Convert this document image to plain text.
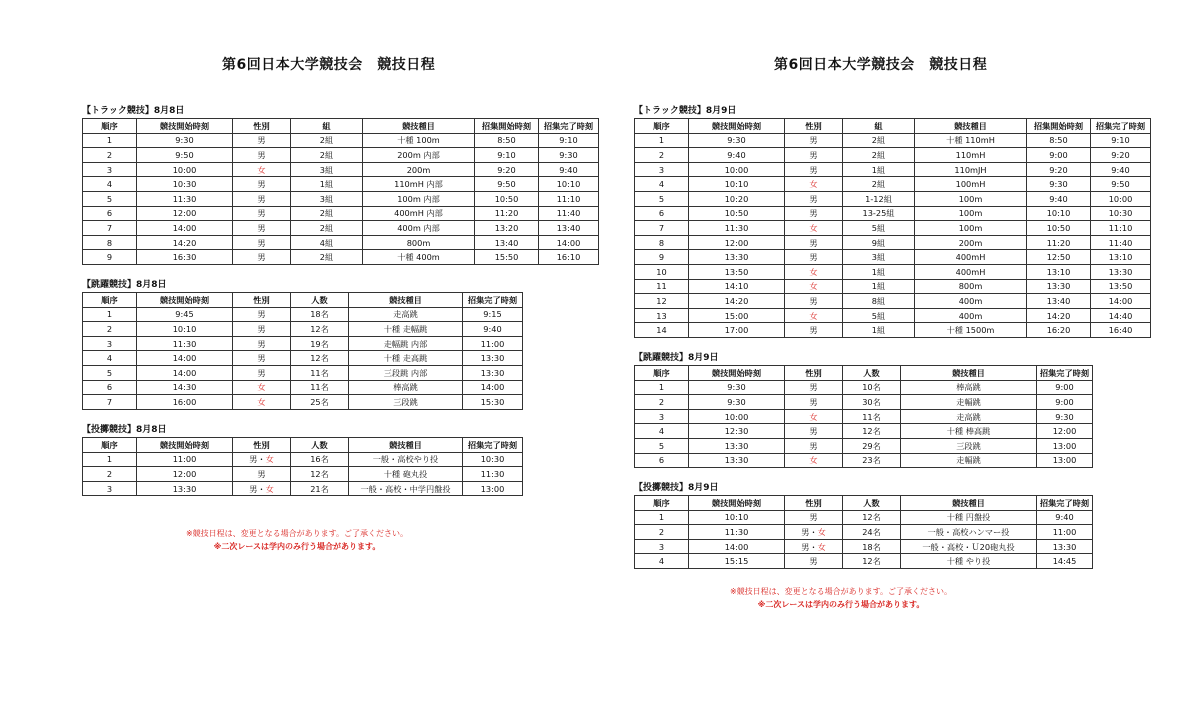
第6回日本大学競技会　競技日程
【トラック競技】8月8日
順序	競技開始時刻	性別	組	競技種目	招集開始時刻	招集完了時刻
1	9:30	男	2組	十種 100m	8:50	9:10
2	9:50	男	2組	200m 内部	9:10	9:30
3	10:00	女	3組	200m	9:20	9:40
4	10:30	男	1組	110mH 内部	9:50	10:10
5	11:30	男	3組	100m 内部	10:50	11:10
6	12:00	男	2組	400mH 内部	11:20	11:40
7	14:00	男	2組	400m 内部	13:20	13:40
8	14:20	男	4組	800m	13:40	14:00
9	16:30	男	2組	十種 400m	15:50	16:10
【跳躍競技】8月8日
順序	競技開始時刻	性別	人数	競技種目	招集完了時刻
1	9:45	男	18名	走高跳	9:15
2	10:10	男	12名	十種 走幅跳	9:40
3	11:30	男	19名	走幅跳 内部	11:00
4	14:00	男	12名	十種 走高跳	13:30
5	14:00	男	11名	三段跳 内部	13:30
6	14:30	女	11名	棒高跳	14:00
7	16:00	女	25名	三段跳	15:30
【投擲競技】8月8日
順序	競技開始時刻	性別	人数	競技種目	招集完了時刻
1	11:00	男・女	16名	一般・高校やり投	10:30
2	12:00	男	12名	十種 砲丸投	11:30
3	13:30	男・女	21名	一般・高校・中学円盤投	13:00
※競技日程は、変更となる場合があります。ご了承ください。
※二次レースは学内のみ行う場合があります。
第6回日本大学競技会　競技日程
【トラック競技】8月9日
順序	競技開始時刻	性別	組	競技種目	招集開始時刻	招集完了時刻
1	9:30	男	2組	十種 110mH	8:50	9:10
2	9:40	男	2組	110mH	9:00	9:20
3	10:00	男	1組	110mJH	9:20	9:40
4	10:10	女	2組	100mH	9:30	9:50
5	10:20	男	1-12組	100m	9:40	10:00
6	10:50	男	13-25組	100m	10:10	10:30
7	11:30	女	5組	100m	10:50	11:10
8	12:00	男	9組	200m	11:20	11:40
9	13:30	男	3組	400mH	12:50	13:10
10	13:50	女	1組	400mH	13:10	13:30
11	14:10	女	1組	800m	13:30	13:50
12	14:20	男	8組	400m	13:40	14:00
13	15:00	女	5組	400m	14:20	14:40
14	17:00	男	1組	十種 1500m	16:20	16:40
【跳躍競技】8月9日
順序	競技開始時刻	性別	人数	競技種目	招集完了時刻
1	9:30	男	10名	棒高跳	9:00
2	9:30	男	30名	走幅跳	9:00
3	10:00	女	11名	走高跳	9:30
4	12:30	男	12名	十種 棒高跳	12:00
5	13:30	男	29名	三段跳	13:00
6	13:30	女	23名	走幅跳	13:00
【投擲競技】8月9日
順序	競技開始時刻	性別	人数	競技種目	招集完了時刻
1	10:10	男	12名	十種 円盤投	9:40
2	11:30	男・女	24名	一般・高校ハンマー投	11:00
3	14:00	男・女	18名	一般・高校・Ｕ20砲丸投	13:30
4	15:15	男	12名	十種 やり投	14:45
※競技日程は、変更となる場合があります。ご了承ください。
※二次レースは学内のみ行う場合があります。
